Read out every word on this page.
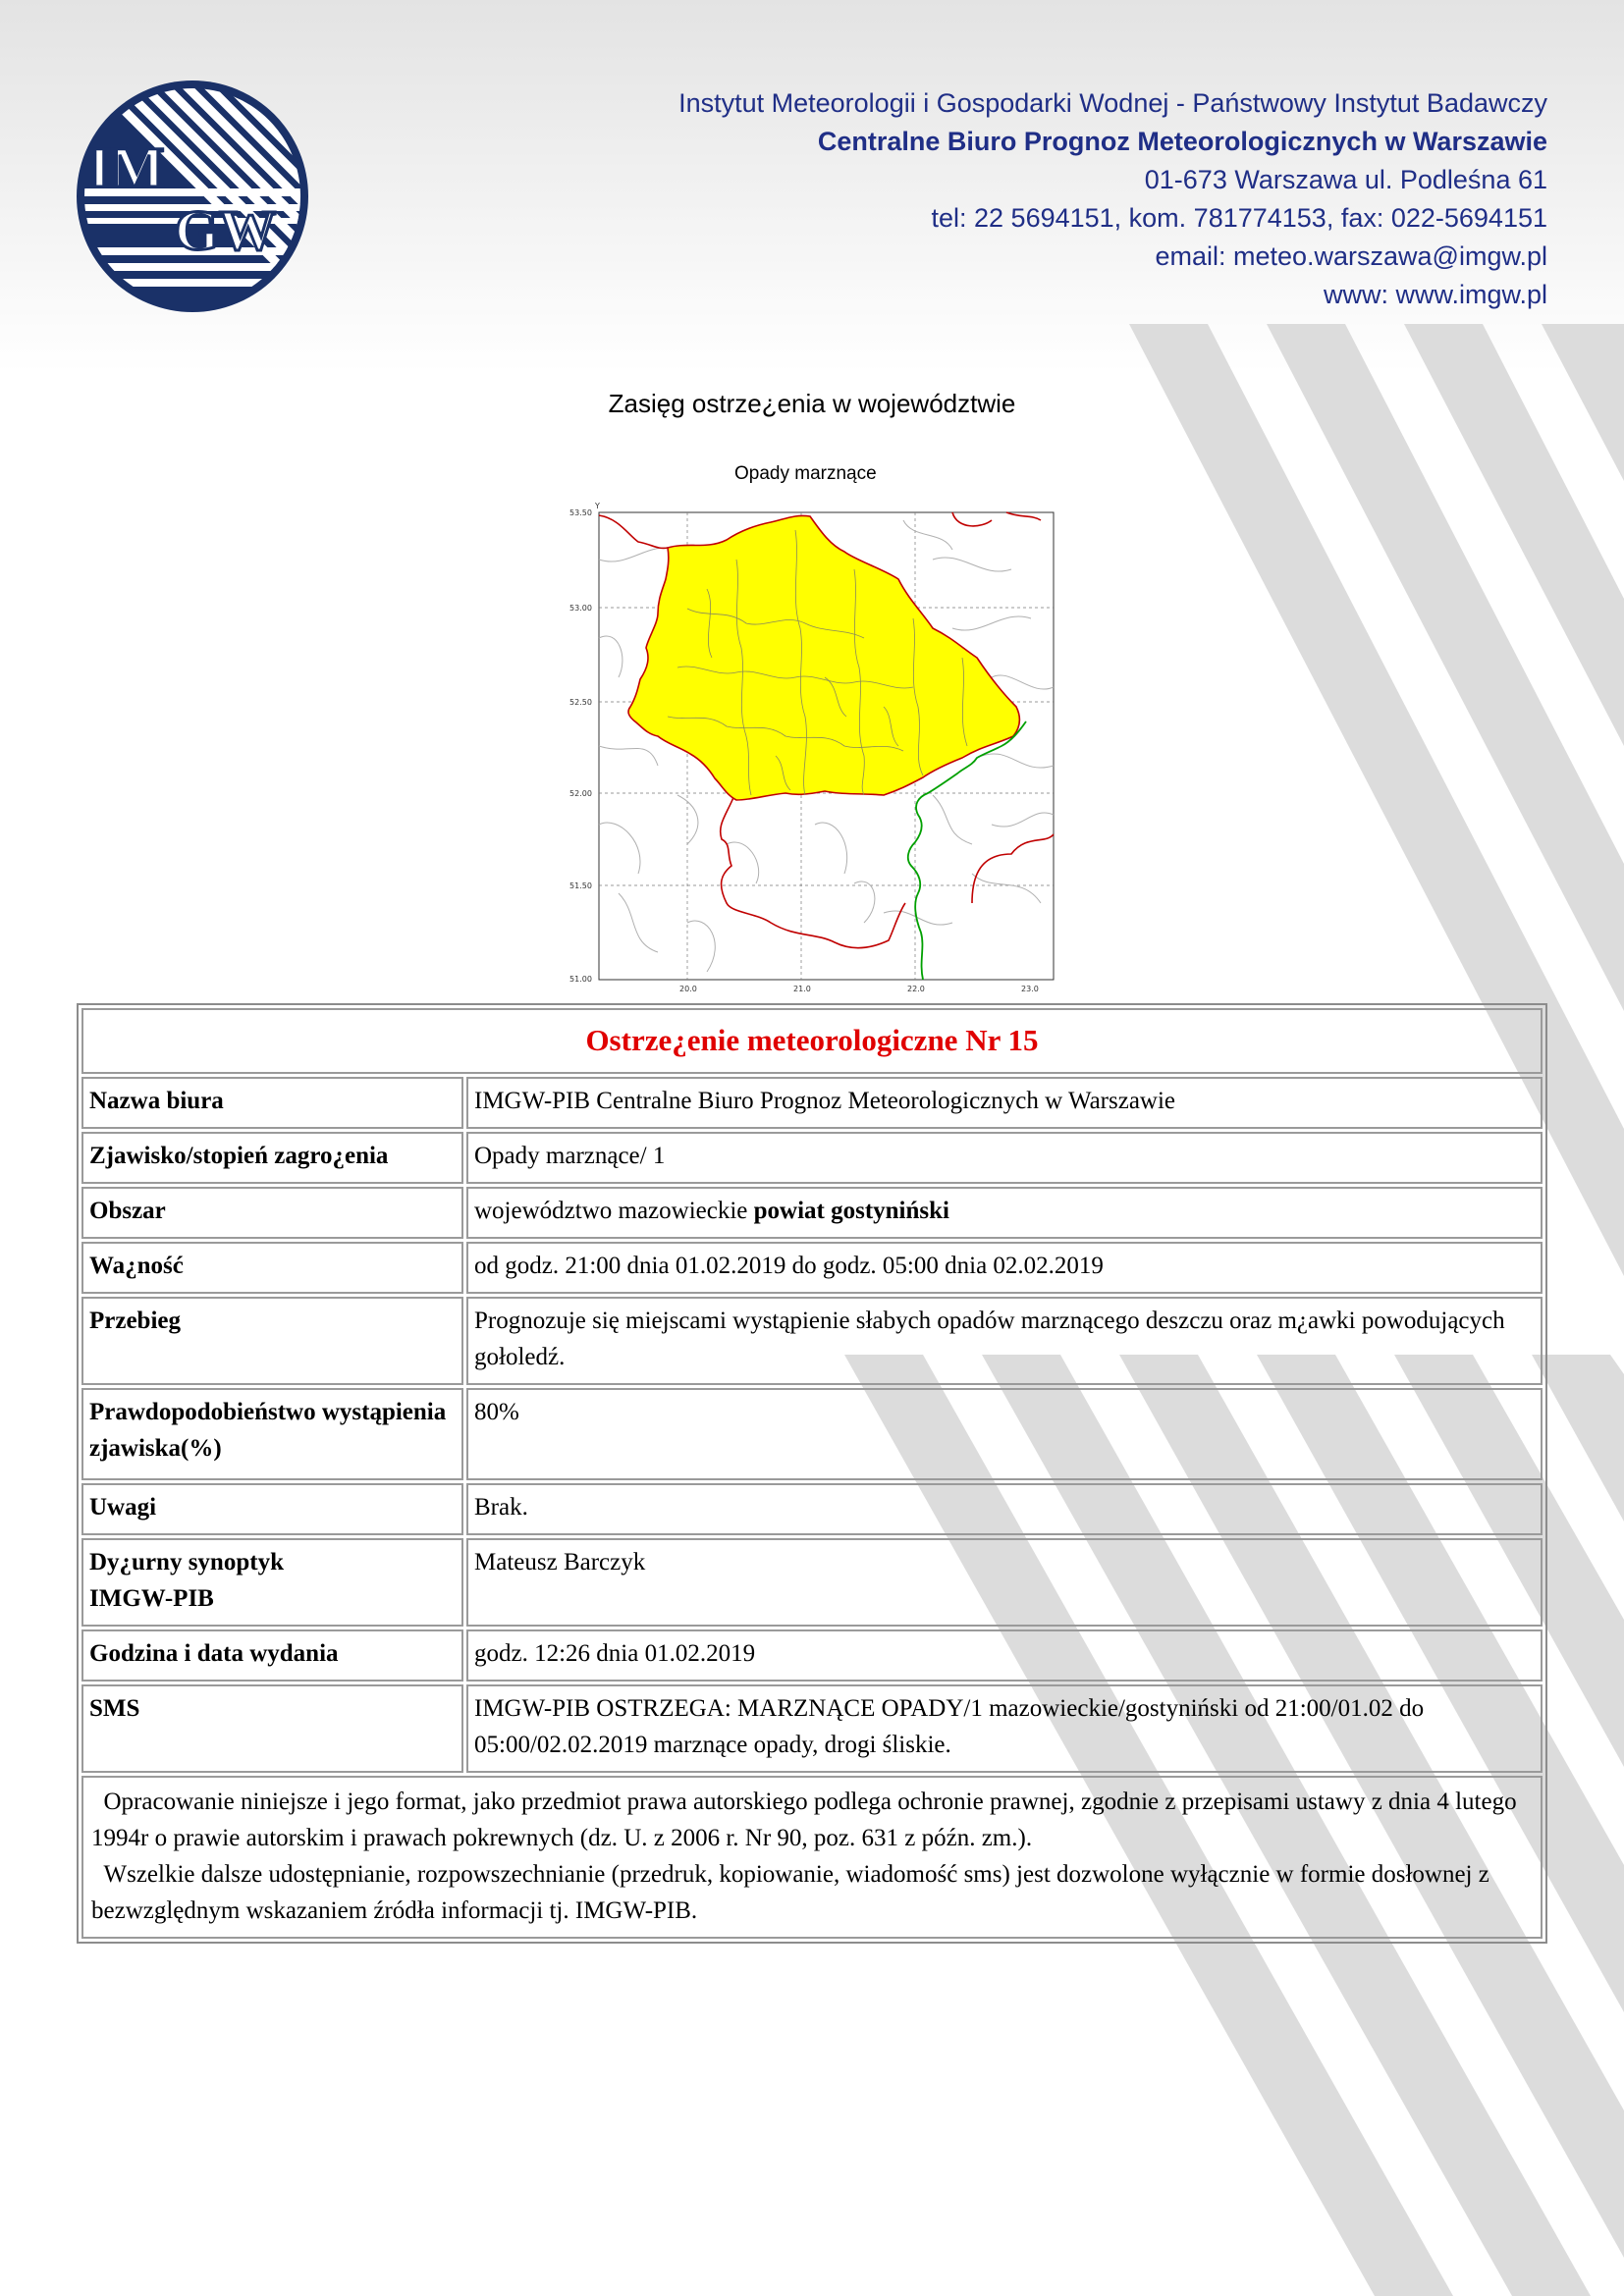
IM
GW
Instytut Meteorologii i Gospodarki Wodnej - Państwowy Instytut Badawczy
Centralne Biuro Prognoz Meteorologicznych w Warszawie
01-673 Warszawa ul. Podleśna 61
tel: 22 5694151, kom. 781774153, fax: 022-5694151
email: meteo.warszawa@imgw.pl
www: www.imgw.pl
Zasięg ostrze¿enia w województwie
Opady marznące
Y
53.50
53.00
52.50
52.00
51.50
51.00
20.0	21.0	22.0	23.0
Ostrze¿enie meteorologiczne Nr 15	
Nazwa biura	IMGW-PIB Centralne Biuro Prognoz Meteorologicznych w Warszawie
Zjawisko/stopień zagro¿enia	Opady marznące/ 1
Obszar	województwo mazowieckie powiat gostyniński
Wa¿ność	od godz. 21:00 dnia 01.02.2019 do godz. 05:00 dnia 02.02.2019
Przebieg	Prognozuje się miejscami wystąpienie słabych opadów marznącego deszczu oraz m¿awki powodujących gołoledź.
Prawdopodobieństwo wystąpienia zjawiska(%)	80%
Uwagi	Brak.

Dy¿urny synoptyk
IMGW-PIB	Mateusz Barczyk
Godzina i data wydania	godz. 12:26 dnia 01.02.2019
SMS	IMGW-PIB OSTRZEGA: MARZNĄCE OPADY/1 mazowieckie/gostyniński od 21:00/01.02 do 05:00/02.02.2019 marznące opady, drogi śliskie.

Opracowanie niniejsze i jego format, jako przedmiot prawa autorskiego podlega ochronie prawnej, zgodnie z przepisami ustawy z dnia 4 lutego 1994r o prawie autorskim i prawach pokrewnych (dz. U. z 2006 r. Nr 90, poz. 631 z późn. zm.).
Wszelkie dalsze udostępnianie, rozpowszechnianie (przedruk, kopiowanie, wiadomość sms) jest dozwolone wyłącznie w formie dosłownej z bezwzględnym wskazaniem źródła informacji tj. IMGW-PIB.	
